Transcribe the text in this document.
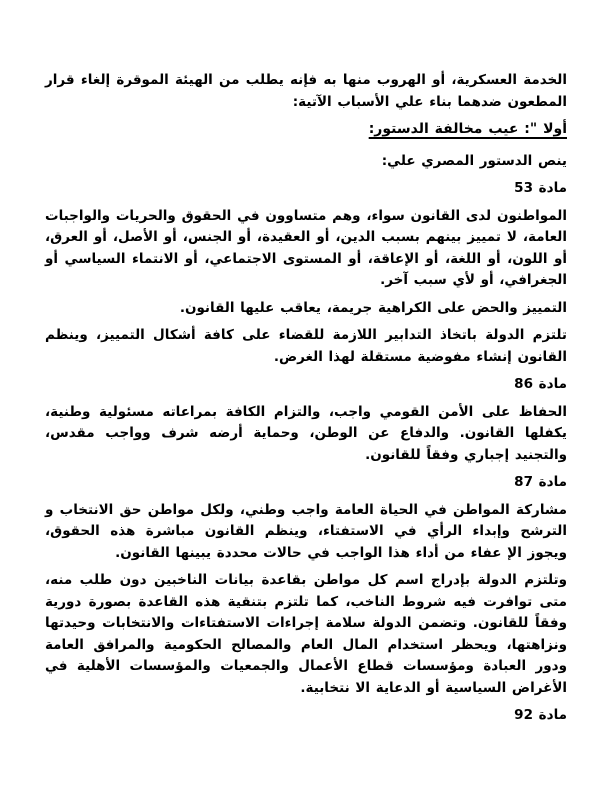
الخدمة العسكرية، أو الهروب منها به فإنه يطلب من الهيئة الموقرة إلغاء قرار المطعون ضدهما بناء علي الأسباب الآتية:
أولا ": عيب مخالفة الدستور:
ينص الدستور المصري علي:
مادة 53
المواطنون لدى القانون سواء، وهم متساوون في الحقوق والحريات والواجبات العامة، لا تمييز بينهم بسبب الدين، أو العقيدة، أو الجنس، أو الأصل، أو العرق، أو اللون، أو اللغة، أو الإعاقة، أو المستوى الاجتماعي، أو الانتماء السياسي أو الجغرافي، أو لأي سبب آخر.
التمييز والحض على الكراهية جريمة، يعاقب عليها القانون.
تلتزم الدولة باتخاذ التدابير اللازمة للقضاء على كافة أشكال التمييز، وينظم القانون إنشاء مفوضية مستقلة لهذا الغرض.
مادة 86
الحفاظ على الأمن القومي واجب، والتزام الكافة بمراعاته مسئولية وطنية، يكفلها القانون. والدفاع عن الوطن، وحماية أرضه شرف وواجب مقدس، والتجنيد إجباري وفقاً للقانون.
مادة 87
مشاركة المواطن في الحياة العامة واجب وطني، ولكل مواطن حق الانتخاب و الترشح وإبداء الرأي في الاستفتاء، وينظم القانون مباشرة هذه الحقوق، ويجوز الإ عفاء من أداء هذا الواجب في حالات محددة يبينها القانون.
وتلتزم الدولة بإدراج اسم كل مواطن بقاعدة بيانات الناخبين دون طلب منه، متى توافرت فيه شروط الناخب، كما تلتزم بتنقية هذه القاعدة بصورة دورية وفقاً للقانون. وتضمن الدولة سلامة إجراءات الاستفتاءات والانتخابات وحيدتها ونزاهتها، ويحظر استخدام المال العام والمصالح الحكومية والمرافق العامة ودور العبادة ومؤسسات قطاع الأعمال والجمعيات والمؤسسات الأهلية في الأغراض السياسية أو الدعاية الا نتخابية.
مادة 92
